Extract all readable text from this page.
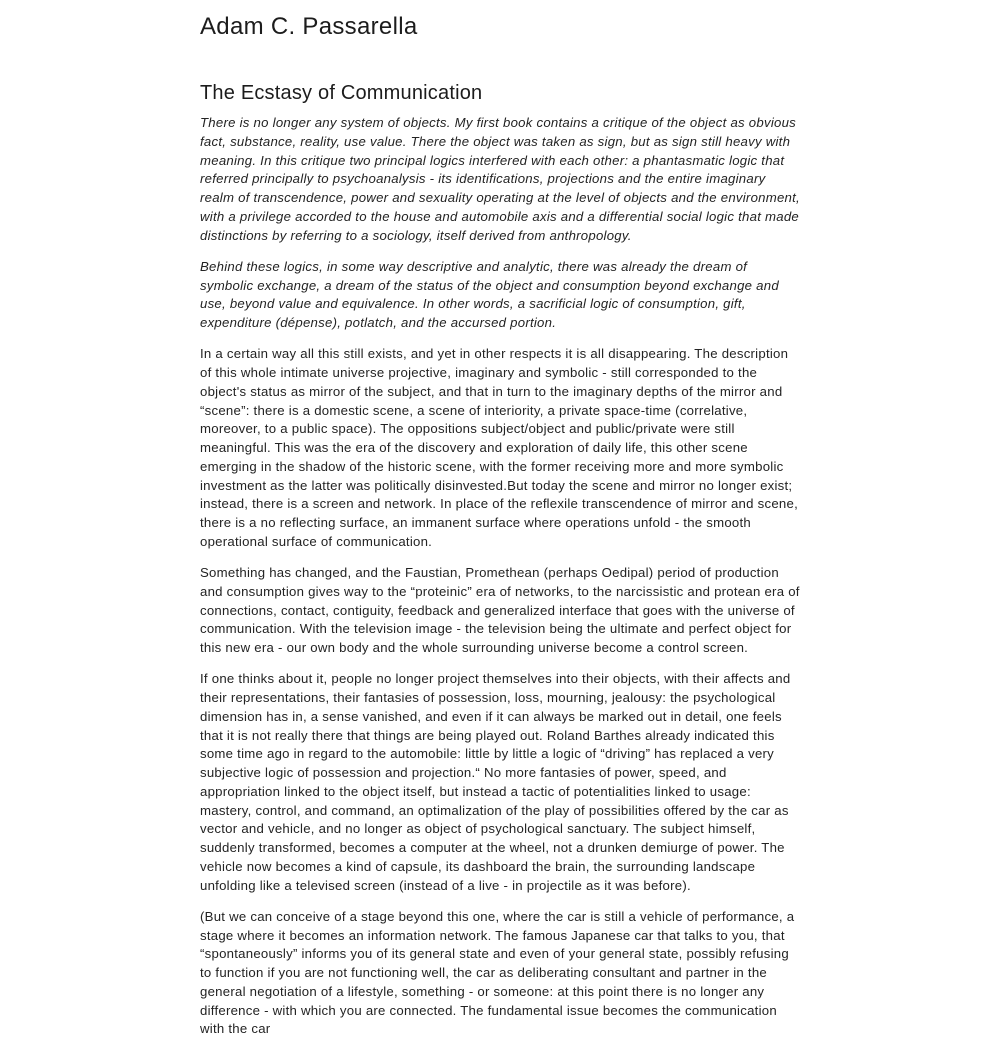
Adam C. Passarella
The Ecstasy of Communication

There is no longer any system of objects. My first book contains a critique of the object as obvious fact, substance, reality, use value. There the object was taken as sign, but as sign still heavy with meaning. In this critique two principal logics interfered with each other: a phantasmatic logic that referred principally to psychoanalysis - its identifications, projections and the entire imaginary realm of transcendence, power and sexuality operating at the level of objects and the environment, with a privilege accorded to the house and automobile axis and a differential social logic that made distinctions by referring to a sociology, itself derived from anthropology.

Behind these logics, in some way descriptive and analytic, there was already the dream of symbolic exchange, a dream of the status of the object and consumption beyond exchange and use, beyond value and equivalence. In other words, a sacrificial logic of consumption, gift, expenditure (dépense), potlatch, and the accursed portion.

In a certain way all this still exists, and yet in other respects it is all disappearing. The description of this whole intimate universe projective, imaginary and symbolic - still corresponded to the object's status as mirror of the subject, and that in turn to the imaginary depths of the mirror and “scene”: there is a domestic scene, a scene of interiority, a private space-time (correlative, moreover, to a public space). The oppositions subject/object and public/private were still meaningful. This was the era of the discovery and exploration of daily life, this other scene emerging in the shadow of the historic scene, with the former receiving more and more symbolic investment as the latter was politically disinvested.But today the scene and mirror no longer exist; instead, there is a screen and network. In place of the reﬂexile transcendence of mirror and scene, there is a no reflecting surface, an immanent surface where operations unfold - the smooth operational surface of communication.

Something has changed, and the Faustian, Promethean (perhaps Oedipal) period of production and consumption gives way to the “proteinic” era of networks, to the narcissistic and protean era of connections, contact, contiguity, feedback and generalized interface that goes with the universe of communication. With the television image - the television being the ultimate and perfect object for this new era - our own body and the whole surrounding universe become a control screen.

If one thinks about it, people no longer project themselves into their objects, with their affects and their representations, their fantasies of possession, loss, mourning, jealousy: the psychological dimension has in, a sense vanished, and even if it can always be marked out in detail, one feels that it is not really there that things are being played out. Roland Barthes already indicated this some time ago in regard to the automobile: little by little a logic of “driving” has replaced a very subjective logic of possession and projection.“ No more fantasies of power, speed, and appropriation linked to the object itself, but instead a tactic of potentialities linked to usage: mastery, control, and command, an optimalization of the play of possibilities offered by the car as vector and vehicle, and no longer as object of psychological sanctuary. The subject himself, suddenly transformed, becomes a computer at the wheel, not a drunken demiurge of power. The vehicle now becomes a kind of capsule, its dashboard the brain, the surrounding landscape unfolding like a televised screen (instead of a live - in projectile as it was before).

(But we can conceive of a stage beyond this one, where the car is still a vehicle of performance, a stage where it becomes an information network. The famous Japanese car that talks to you, that “spontaneously” informs you of its general state and even of your general state, possibly refusing to function if you are not functioning well, the car as deliberating consultant and partner in the general negotiation of a lifestyle, something - or someone: at this point there is no longer any difference - with which you are connected. The fundamental issue becomes the communication with the car
